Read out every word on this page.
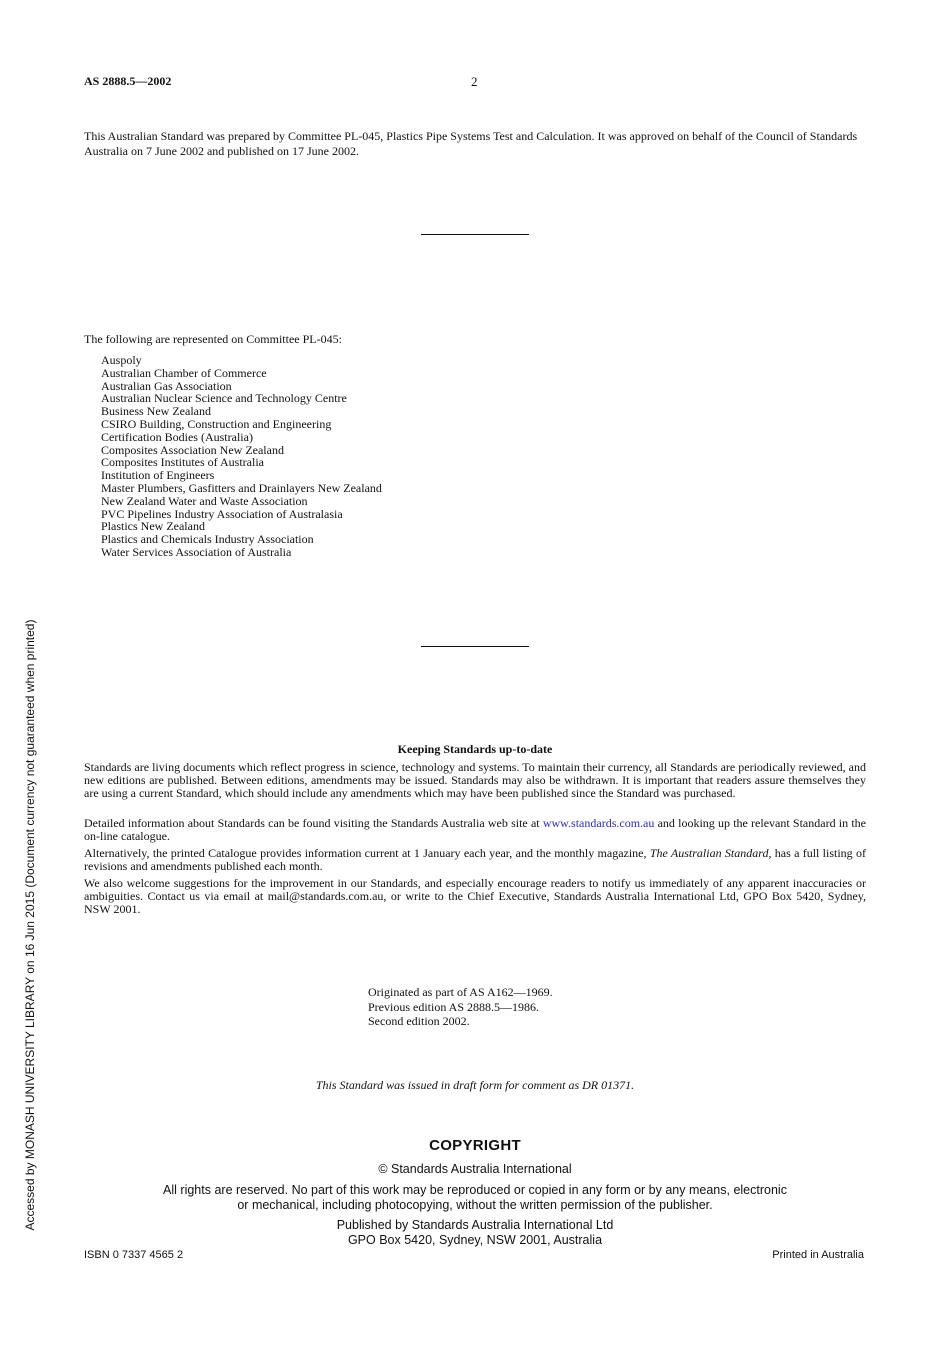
AS 2888.5—2002	2
This Australian Standard was prepared by Committee PL-045, Plastics Pipe Systems Test and Calculation. It was approved on behalf of the Council of Standards Australia on 7 June 2002 and published on 17 June 2002.
The following are represented on Committee PL-045:
Auspoly
Australian Chamber of Commerce
Australian Gas Association
Australian Nuclear Science and Technology Centre
Business New Zealand
CSIRO Building, Construction and Engineering
Certification Bodies (Australia)
Composites Association New Zealand
Composites Institutes of Australia
Institution of Engineers
Master Plumbers, Gasfitters and Drainlayers New Zealand
New Zealand Water and Waste Association
PVC Pipelines Industry Association of Australasia
Plastics New Zealand
Plastics and Chemicals Industry Association
Water Services Association of Australia
Keeping Standards up-to-date

Standards are living documents which reflect progress in science, technology and systems. To maintain their currency, all Standards are periodically reviewed, and new editions are published. Between editions, amendments may be issued. Standards may also be withdrawn. It is important that readers assure themselves they are using a current Standard, which should include any amendments which may have been published since the Standard was purchased.

Detailed information about Standards can be found visiting the Standards Australia web site at www.standards.com.au and looking up the relevant Standard in the on-line catalogue.

Alternatively, the printed Catalogue provides information current at 1 January each year, and the monthly magazine, The Australian Standard, has a full listing of revisions and amendments published each month.

We also welcome suggestions for the improvement in our Standards, and especially encourage readers to notify us immediately of any apparent inaccuracies or ambiguities. Contact us via email at mail@standards.com.au, or write to the Chief Executive, Standards Australia International Ltd, GPO Box 5420, Sydney, NSW 2001.

Originated as part of AS A162—1969.
Previous edition AS 2888.5—1986.
Second edition 2002.
This Standard was issued in draft form for comment as DR 01371.
COPYRIGHT
© Standards Australia International
All rights are reserved. No part of this work may be reproduced or copied in any form or by any means, electronic
or mechanical, including photocopying, without the written permission of the publisher.
Published by Standards Australia International Ltd
GPO Box 5420, Sydney, NSW 2001, Australia
ISBN 0 7337 4565 2	Printed in Australia
Accessed by MONASH UNIVERSITY LIBRARY on 16 Jun 2015 (Document currency not guaranteed when printed)
